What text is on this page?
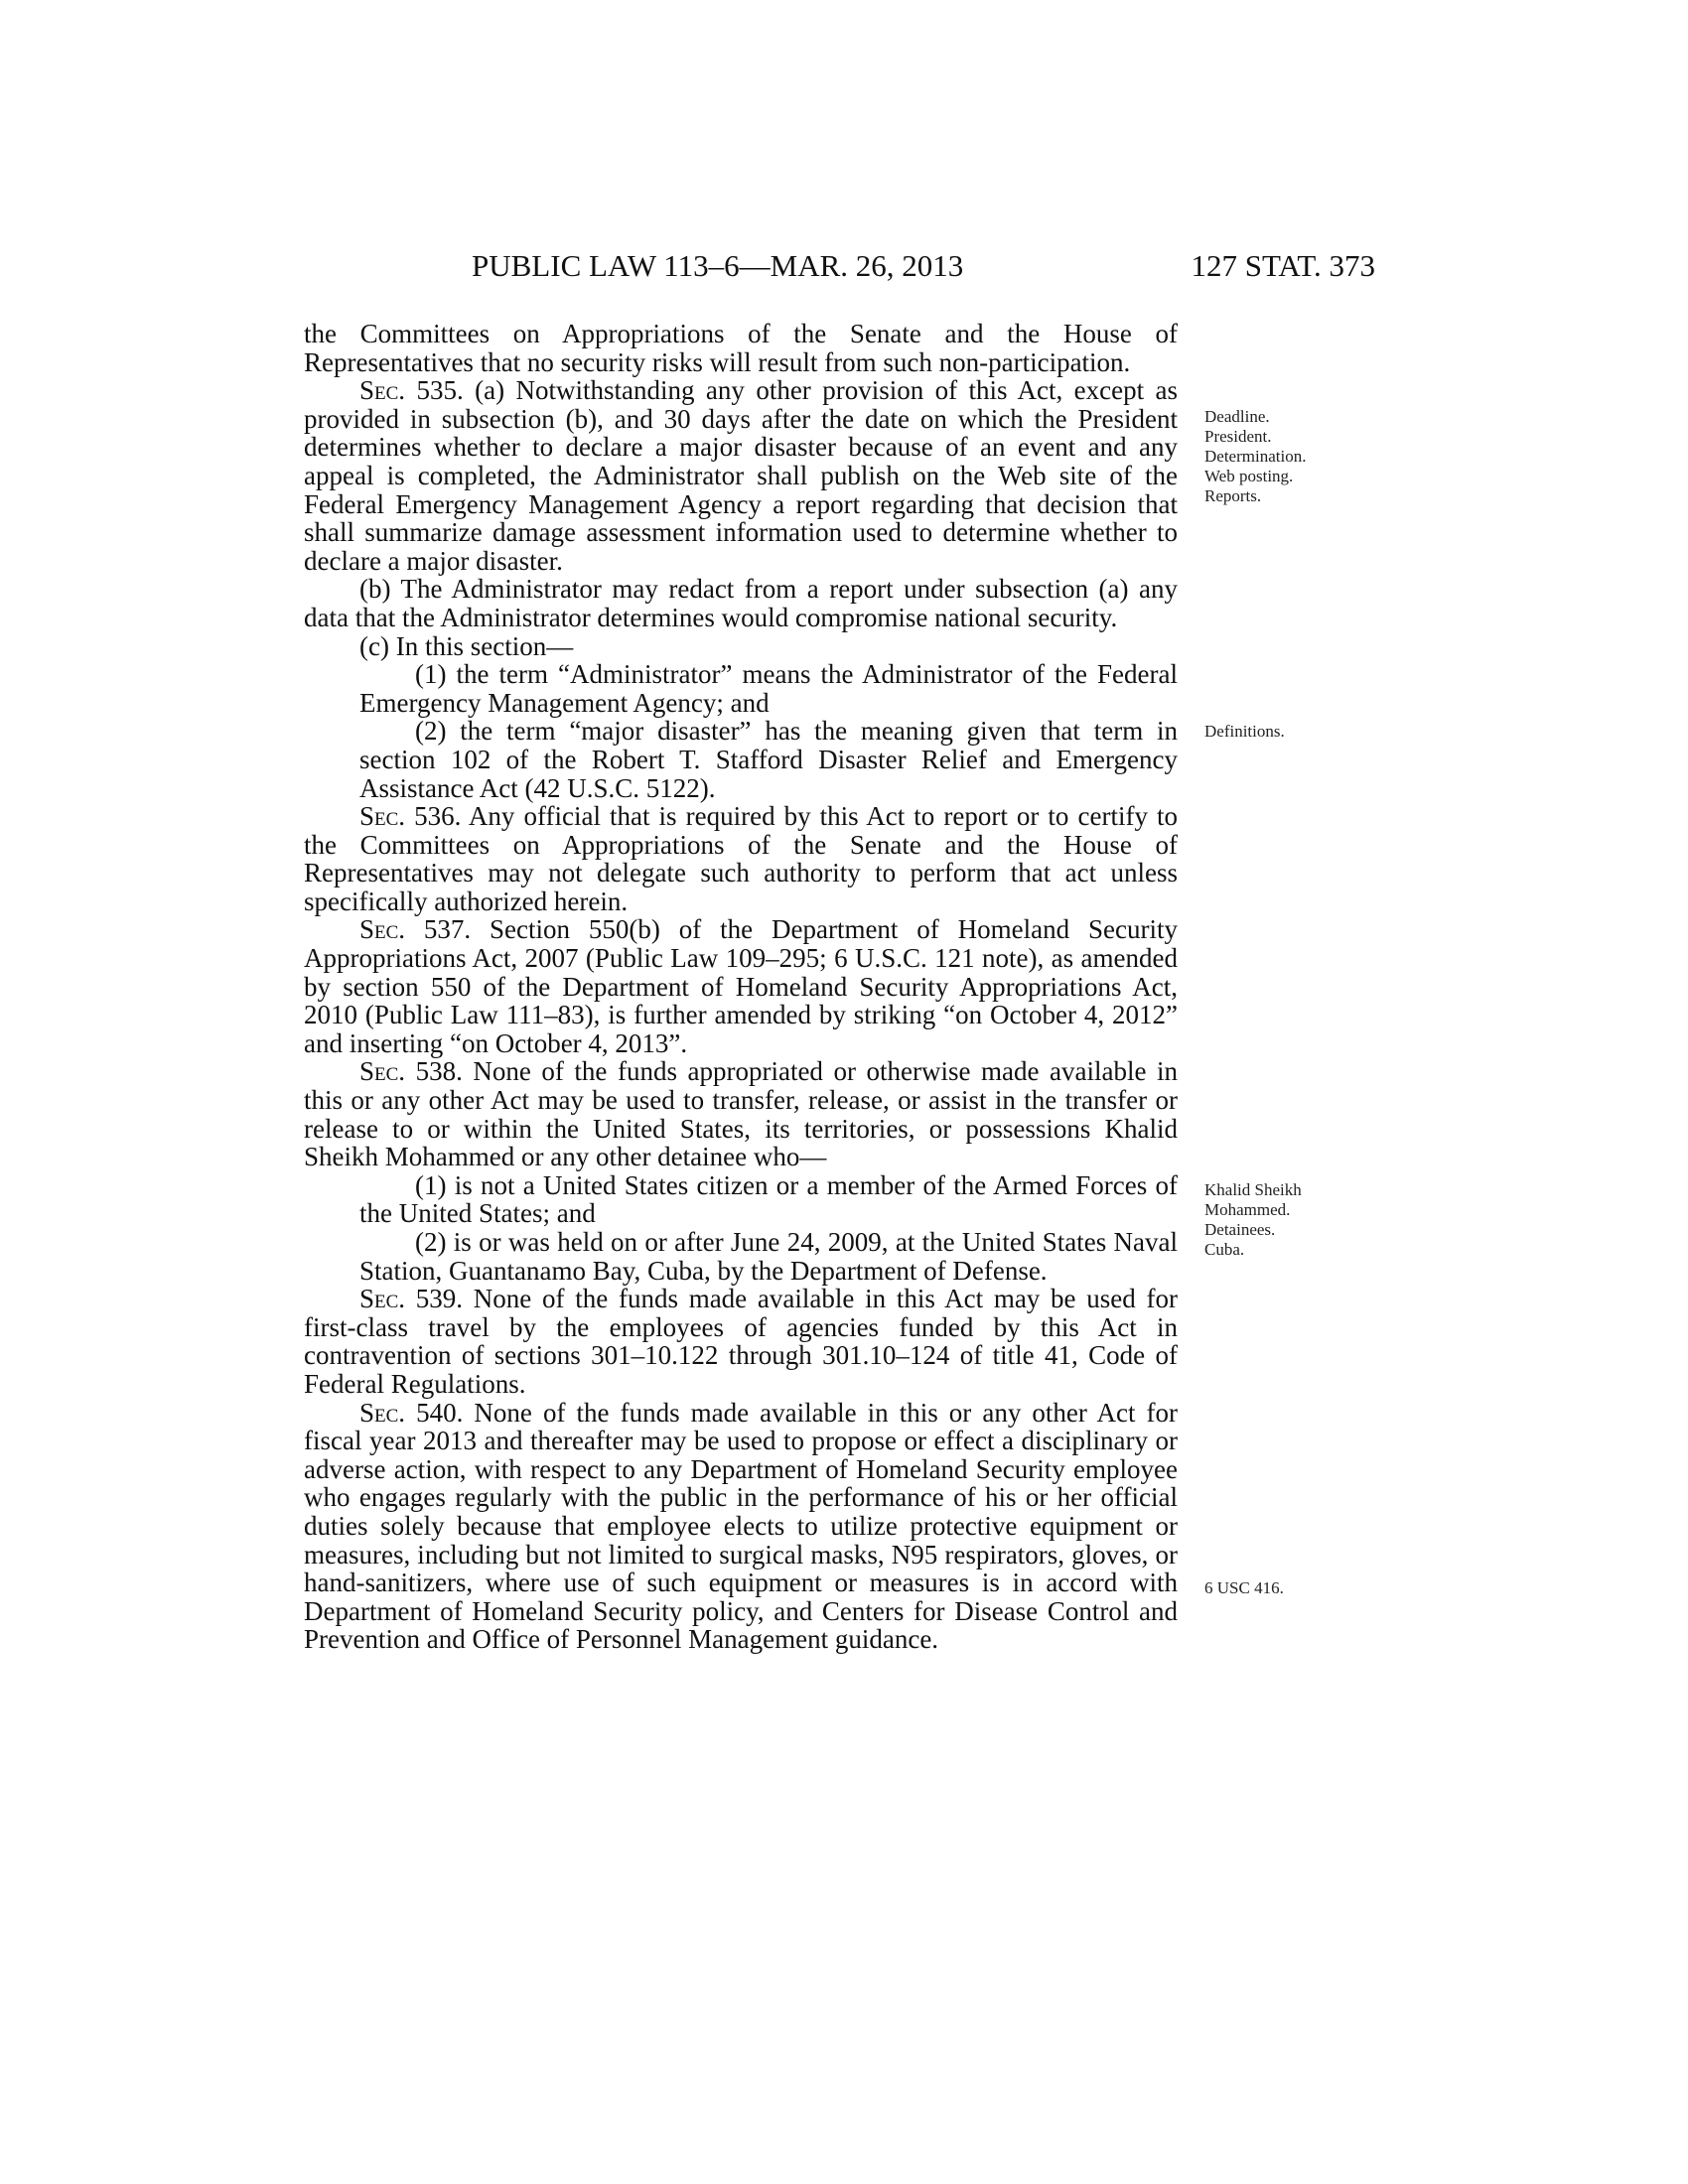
PUBLIC LAW 113–6—MAR. 26, 2013	127 STAT. 373

the Committees on Appropriations of the Senate and the House of Representatives that no security risks will result from such non-participation.

Sec. 535. (a) Notwithstanding any other provision of this Act, except as provided in subsection (b), and 30 days after the date on which the President determines whether to declare a major disaster because of an event and any appeal is completed, the Administrator shall publish on the Web site of the Federal Emergency Management Agency a report regarding that decision that shall summarize damage assessment information used to determine whether to declare a major disaster.

(b) The Administrator may redact from a report under subsection (a) any data that the Administrator determines would compromise national security.

(c) In this section—

(1) the term “Administrator” means the Administrator of the Federal Emergency Management Agency; and

(2) the term “major disaster” has the meaning given that term in section 102 of the Robert T. Stafford Disaster Relief and Emergency Assistance Act (42 U.S.C. 5122).

Sec. 536. Any official that is required by this Act to report or to certify to the Committees on Appropriations of the Senate and the House of Representatives may not delegate such authority to perform that act unless specifically authorized herein.

Sec. 537. Section 550(b) of the Department of Homeland Security Appropriations Act, 2007 (Public Law 109–295; 6 U.S.C. 121 note), as amended by section 550 of the Department of Homeland Security Appropriations Act, 2010 (Public Law 111–83), is further amended by striking “on October 4, 2012” and inserting “on October 4, 2013”.

Sec. 538. None of the funds appropriated or otherwise made available in this or any other Act may be used to transfer, release, or assist in the transfer or release to or within the United States, its territories, or possessions Khalid Sheikh Mohammed or any other detainee who—

(1) is not a United States citizen or a member of the Armed Forces of the United States; and

(2) is or was held on or after June 24, 2009, at the United States Naval Station, Guantanamo Bay, Cuba, by the Department of Defense.

Sec. 539. None of the funds made available in this Act may be used for first-class travel by the employees of agencies funded by this Act in contravention of sections 301–10.122 through 301.10–124 of title 41, Code of Federal Regulations.

Sec. 540. None of the funds made available in this or any other Act for fiscal year 2013 and thereafter may be used to propose or effect a disciplinary or adverse action, with respect to any Department of Homeland Security employee who engages regularly with the public in the performance of his or her official duties solely because that employee elects to utilize protective equipment or measures, including but not limited to surgical masks, N95 respirators, gloves, or hand-sanitizers, where use of such equipment or measures is in accord with Department of Homeland Security policy, and Centers for Disease Control and Prevention and Office of Personnel Management guidance.

Deadline.
President.
Determination.
Web posting.
Reports.
Definitions.
Khalid Sheikh
Mohammed.
Detainees.
Cuba.
6 USC 416.
